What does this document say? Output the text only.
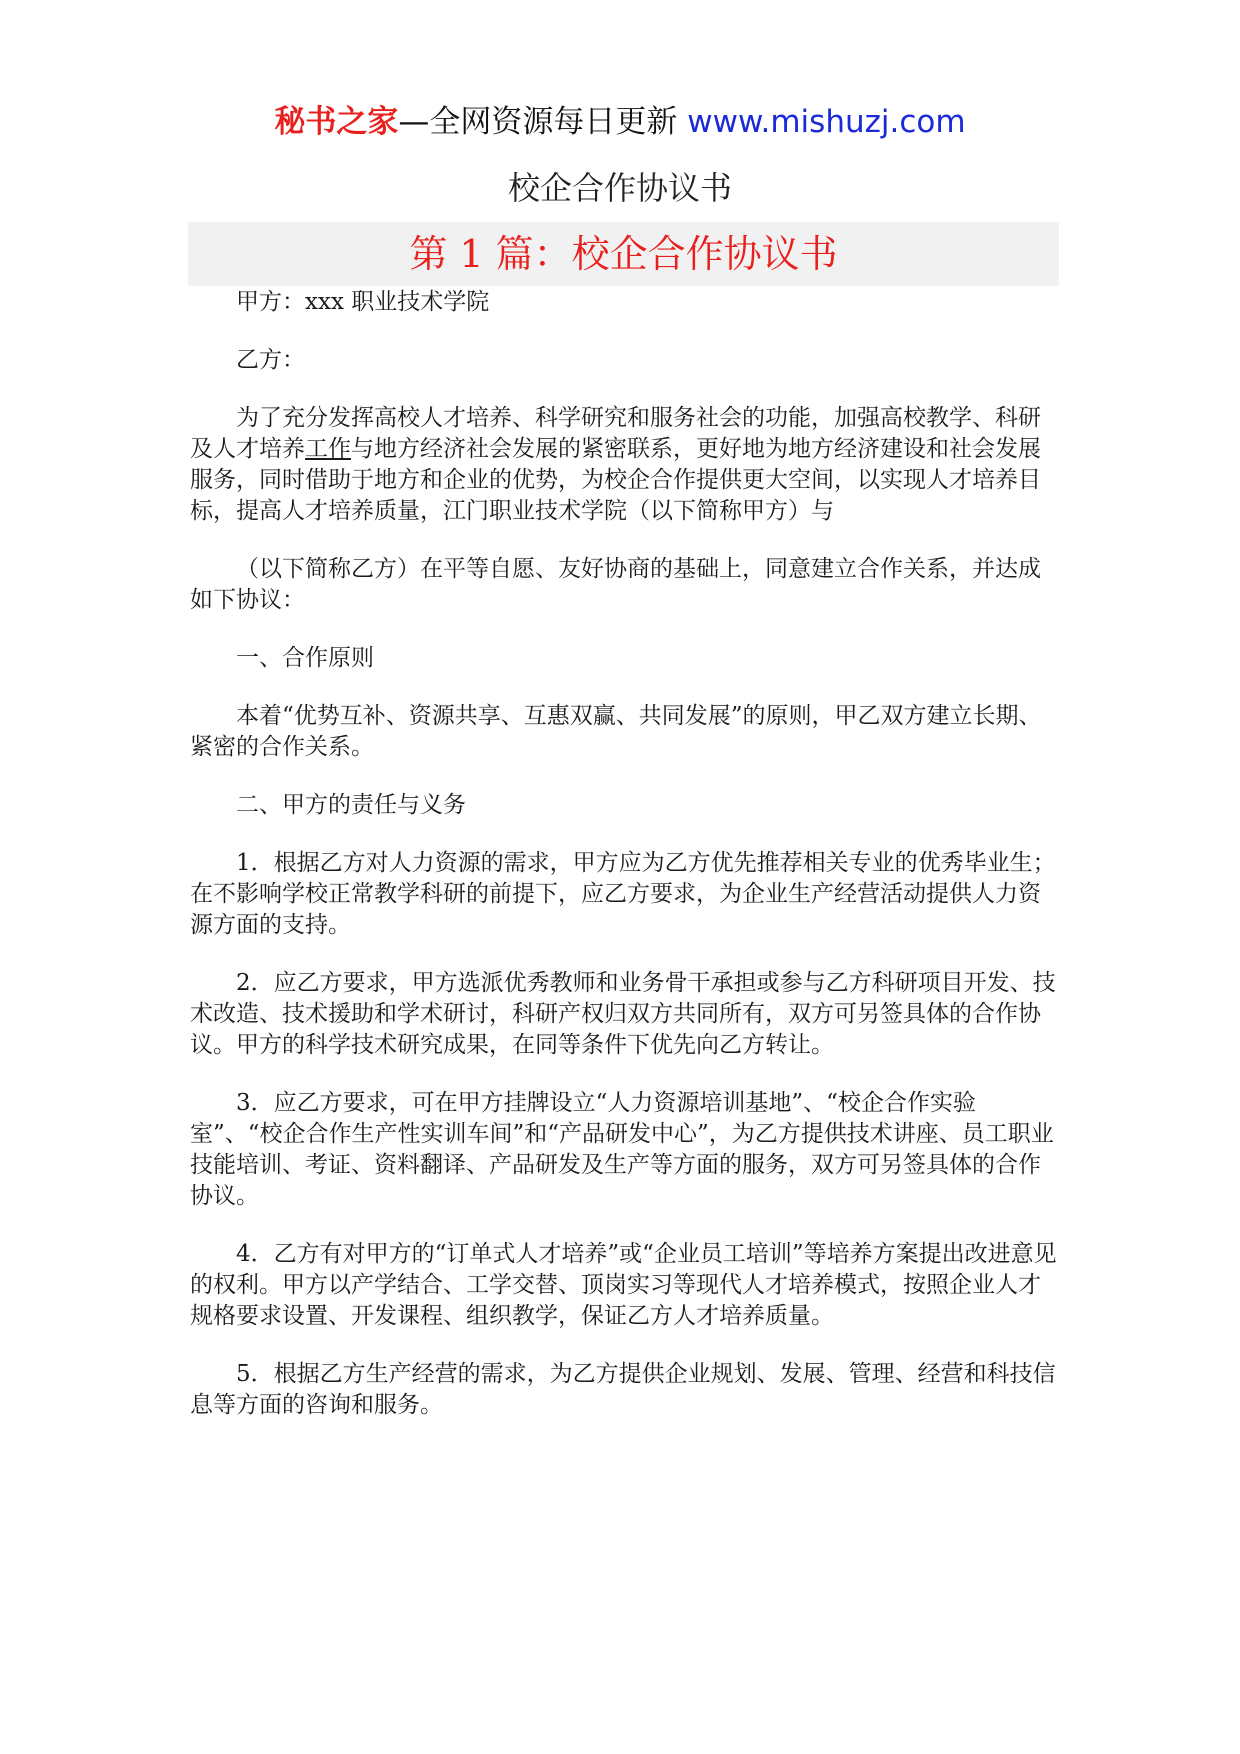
秘书之家—全网资源每日更新 www.mishuzj.com
校企合作协议书
第 1 篇：校企合作协议书

甲方：xxx 职业技术学院

乙方：

为了充分发挥高校人才培养、科学研究和服务社会的功能，加强高校教学、科研及人才培养工作与地方经济社会发展的紧密联系，更好地为地方经济建设和社会发展服务，同时借助于地方和企业的优势，为校企合作提供更大空间，以实现人才培养目标，提高人才培养质量，江门职业技术学院（以下简称甲方）与

（以下简称乙方）在平等自愿、友好协商的基础上，同意建立合作关系，并达成如下协议：

一、合作原则

本着“优势互补、资源共享、互惠双赢、共同发展”的原则，甲乙双方建立长期、紧密的合作关系。

二、甲方的责任与义务

1．根据乙方对人力资源的需求，甲方应为乙方优先推荐相关专业的优秀毕业生；在不影响学校正常教学科研的前提下，应乙方要求，为企业生产经营活动提供人力资源方面的支持。

2．应乙方要求，甲方选派优秀教师和业务骨干承担或参与乙方科研项目开发、技术改造、技术援助和学术研讨，科研产权归双方共同所有，双方可另签具体的合作协议。甲方的科学技术研究成果，在同等条件下优先向乙方转让。

3．应乙方要求，可在甲方挂牌设立“人力资源培训基地”、“校企合作实验室”、“校企合作生产性实训车间”和“产品研发中心”，为乙方提供技术讲座、员工职业技能培训、考证、资料翻译、产品研发及生产等方面的服务，双方可另签具体的合作协议。

4．乙方有对甲方的“订单式人才培养”或“企业员工培训”等培养方案提出改进意见的权利。甲方以产学结合、工学交替、顶岗实习等现代人才培养模式，按照企业人才规格要求设置、开发课程、组织教学，保证乙方人才培养质量。

5．根据乙方生产经营的需求，为乙方提供企业规划、发展、管理、经营和科技信息等方面的咨询和服务。
